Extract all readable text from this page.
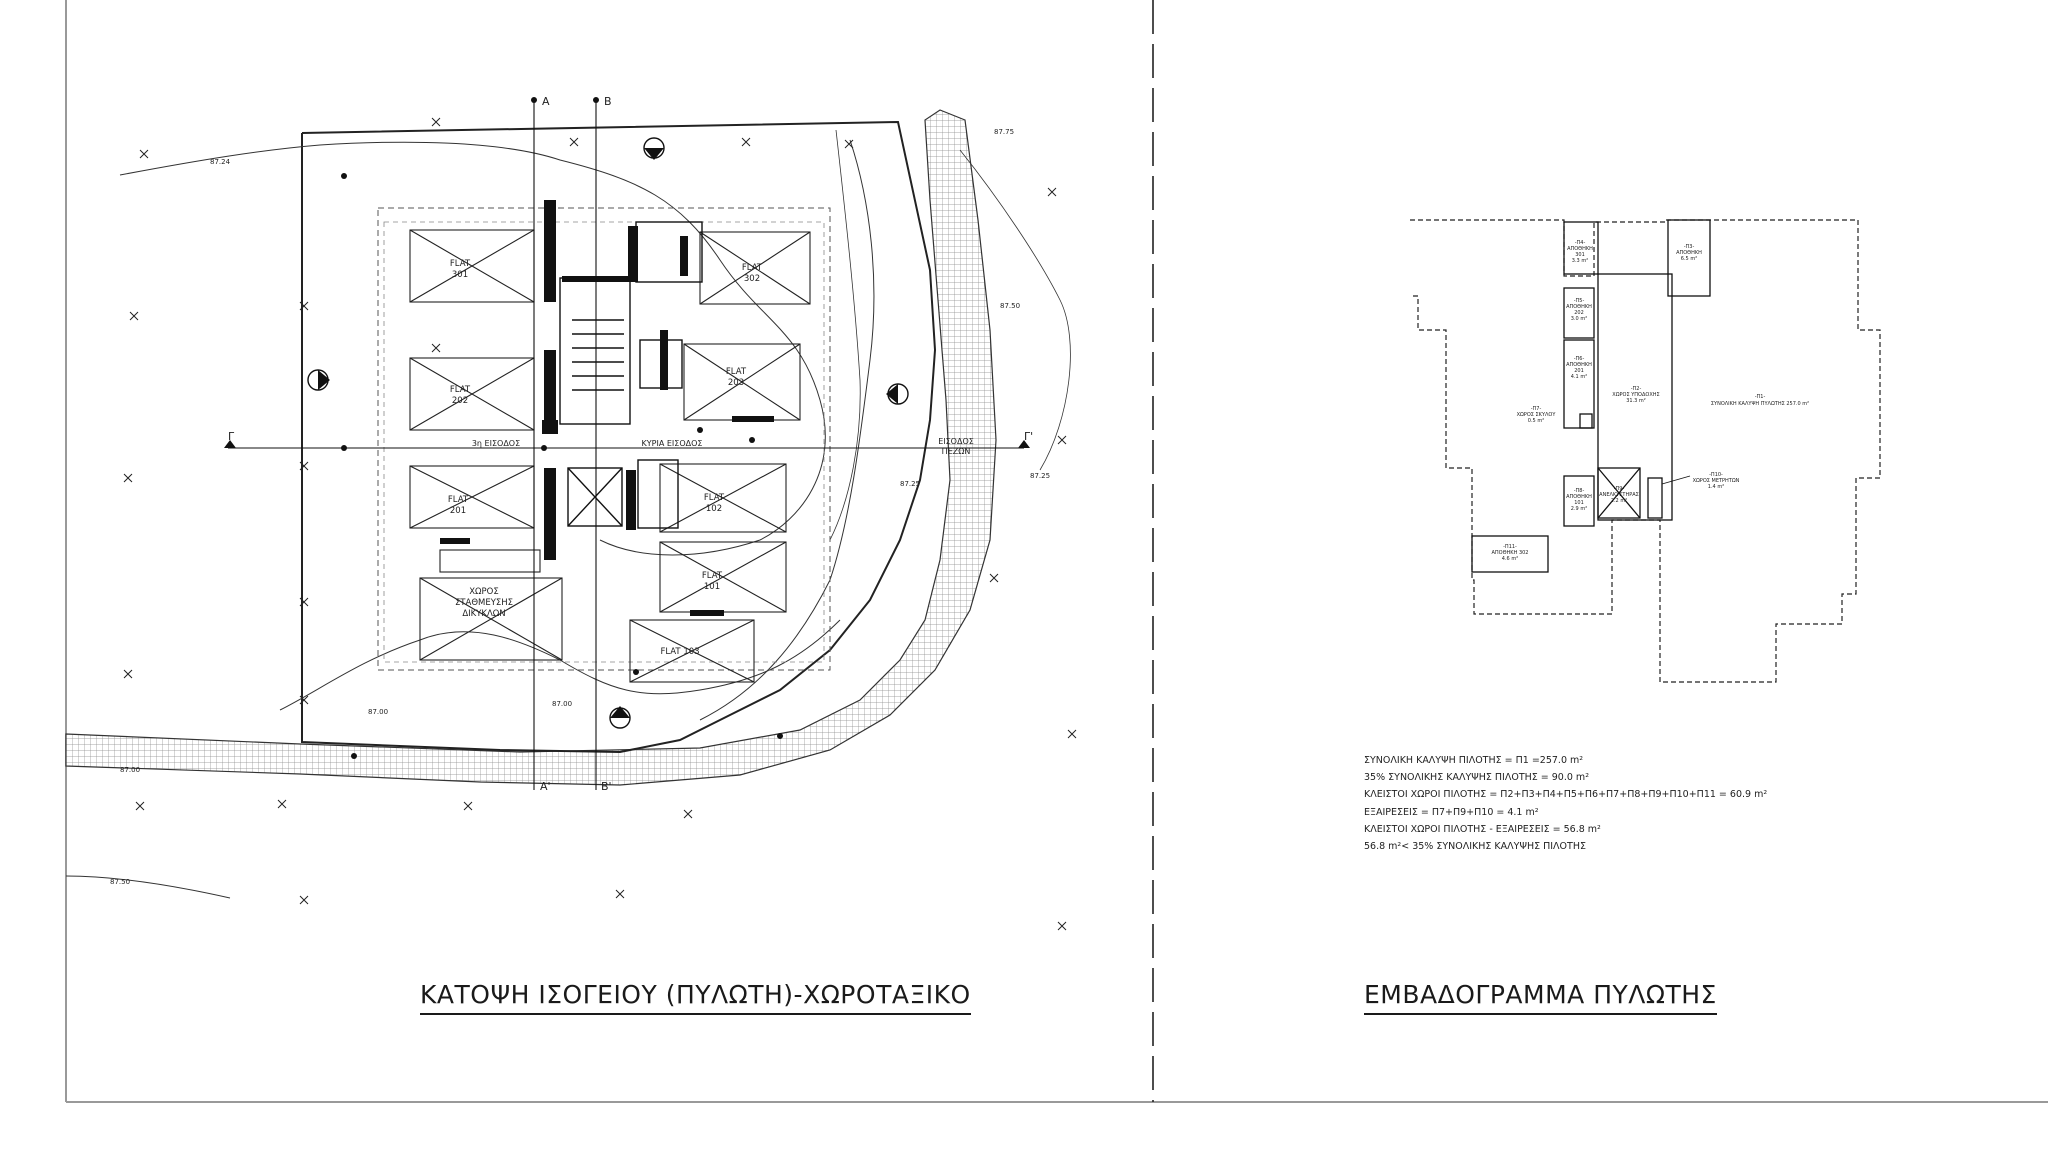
A	B
A'	B'
Γ	Γ'
FLAT 301
FLAT 302
FLAT 202
FLAT 203
FLAT 201
FLAT 102
FLAT 101
FLAT 103
3η ΕΙΣΟΔΟΣ	ΚΥΡΙΑ ΕΙΣΟΔΟΣ	ΕΙΣΟΔΟΣ ΠΕΖΩΝ
ΧΩΡΟΣ ΣΤΑΘΜΕΥΣΗΣ ΔΙΚΥΚΛΩΝ
87.24
87.00
87.00
87.00
87.50
87.75
87.50
87.25
87.25
-Π1-ΣΥΝΟΛΙΚΗ ΚΑΛΥΨΗ ΠΥΛΩΤΗΣ 257.0 m²
-Π2-ΧΩΡΟΣ ΥΠΟΔΟΧΗΣ 31.3 m²
-Π3-ΑΠΟΘΗΚΗ 6.5 m²
-Π4-ΑΠΟΘΗΚΗ 301 3.3 m²
-Π5-ΑΠΟΘΗΚΗ 202 3.0 m²
-Π6-ΑΠΟΘΗΚΗ 201 4.1 m²
-Π7-ΧΩΡΟΣ ΣΚΥΛΟΥ 0.5 m²
-Π8-ΑΠΟΘΗΚΗ 101 2.9 m²
-Π9-ΑΝΕΛΚΥΣΤΗΡΑΣ 2.2 m²
-Π10-ΧΩΡΟΣ ΜΕΤΡΗΤΩΝ 1.4 m²
-Π11-ΑΠΟΘΗΚΗ 302 4.6 m²
ΣΥΝΟΛΙΚΗ ΚΑΛΥΨΗ ΠΙΛΟΤΗΣ = Π1 =257.0 m²
35% ΣΥΝΟΛΙΚΗΣ ΚΑΛΥΨΗΣ ΠΙΛΟΤΗΣ = 90.0 m²
ΚΛΕΙΣΤΟΙ ΧΩΡΟΙ ΠΙΛΟΤΗΣ = Π2+Π3+Π4+Π5+Π6+Π7+Π8+Π9+Π10+Π11 = 60.9 m²
ΕΞΑΙΡΕΣΕΙΣ = Π7+Π9+Π10 = 4.1 m²
ΚΛΕΙΣΤΟΙ ΧΩΡΟΙ ΠΙΛΟΤΗΣ - ΕΞΑΙΡΕΣΕΙΣ = 56.8 m²
56.8 m²< 35% ΣΥΝΟΛΙΚΗΣ ΚΑΛΥΨΗΣ ΠΙΛΟΤΗΣ
ΚΑΤΟΨΗ ΙΣΟΓΕΙΟΥ (ΠΥΛΩΤΗ)-ΧΩΡΟΤΑΞΙΚΟ	ΕΜΒΑΔΟΓΡΑΜΜΑ ΠΥΛΩΤΗΣ
